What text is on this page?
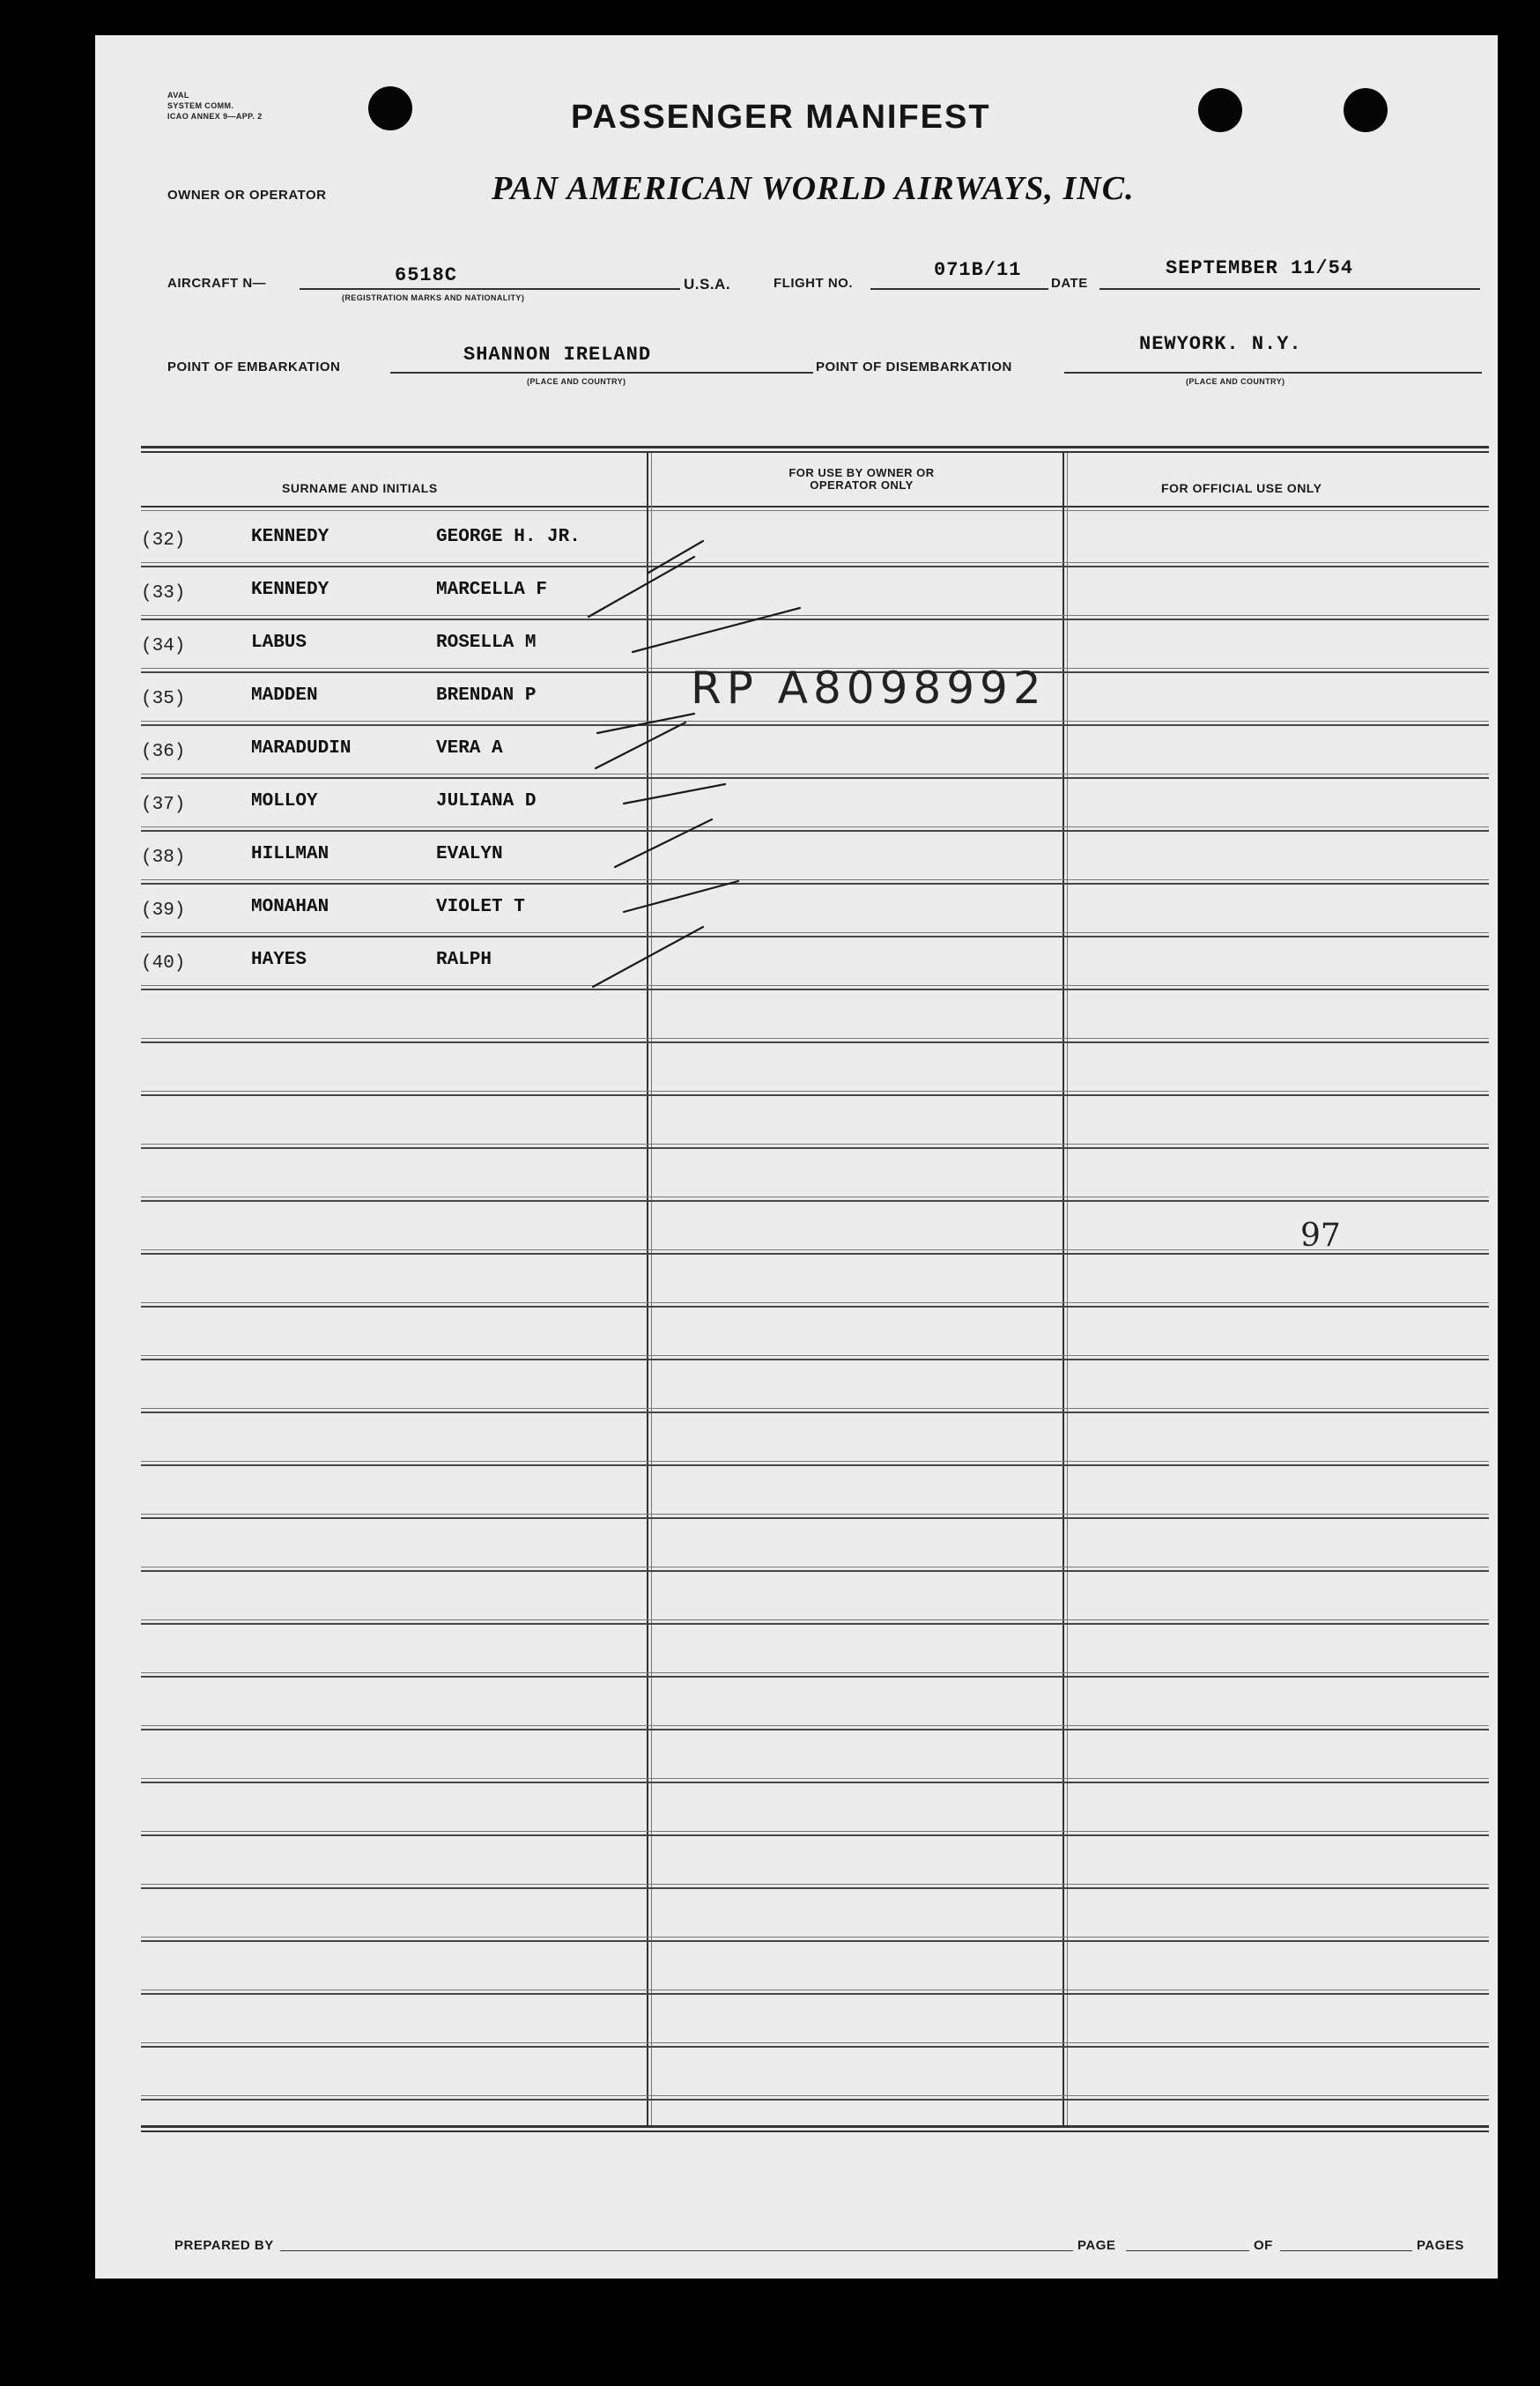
AVAL
SYSTEM COMM.
ICAO ANNEX 9—APP. 2	PASSENGER MANIFEST
OWNER OR OPERATOR	PAN AMERICAN WORLD AIRWAYS, INC.
AIRCRAFT N—	6518C
(REGISTRATION MARKS AND NATIONALITY)
U.S.A.	FLIGHT NO.
071B/11
DATE
SEPTEMBER 11/54
POINT OF EMBARKATION
SHANNON IRELAND
(PLACE AND COUNTRY)
POINT OF DISEMBARKATION
NEWYORK. N.Y.
(PLACE AND COUNTRY)
SURNAME AND INITIALS
FOR USE BY OWNER OR OPERATOR ONLY	FOR OFFICIAL USE ONLY
(32)	KENNEDY	GEORGE H. JR.
(33)	KENNEDY	MARCELLA F
(34)	LABUS	ROSELLA M
(35)	MADDEN	BRENDAN P
(36)	MARADUDIN	VERA A
(37)	MOLLOY	JULIANA D
(38)	HILLMAN	EVALYN
(39)	MONAHAN	VIOLET T
(40)	HAYES	RALPH
RP A8098992
97
PREPARED BY	PAGE	OF	PAGES
